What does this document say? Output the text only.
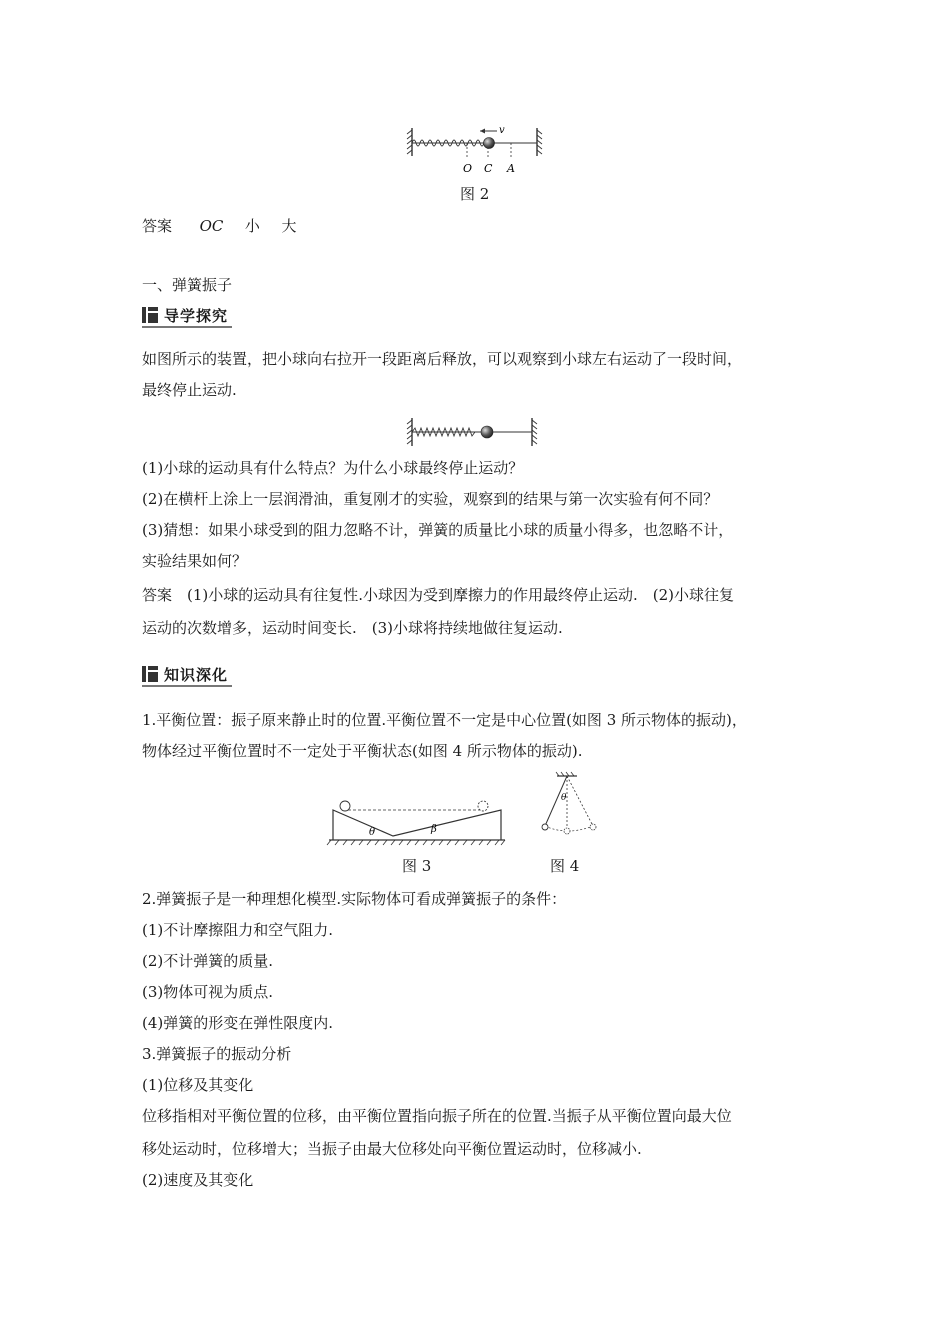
v
O C A
图 2
答案 OC 小 大
一、弹簧振子
导学探究
如图所示的装置，把小球向右拉开一段距离后释放，可以观察到小球左右运动了一段时间，
最终停止运动.
(1)小球的运动具有什么特点？为什么小球最终停止运动？
(2)在横杆上涂上一层润滑油，重复刚才的实验，观察到的结果与第一次实验有何不同？
(3)猜想：如果小球受到的阻力忽略不计，弹簧的质量比小球的质量小得多，也忽略不计，
实验结果如何？
答案　(1)小球的运动具有往复性.小球因为受到摩擦力的作用最终停止运动.　(2)小球往复
运动的次数增多，运动时间变长.　(3)小球将持续地做往复运动.
知识深化
1.平衡位置：振子原来静止时的位置.平衡位置不一定是中心位置(如图 3 所示物体的振动)，
物体经过平衡位置时不一定处于平衡状态(如图 4 所示物体的振动).
θ	β
θ
图 3	图 4
2.弹簧振子是一种理想化模型.实际物体可看成弹簧振子的条件：
(1)不计摩擦阻力和空气阻力.
(2)不计弹簧的质量.
(3)物体可视为质点.
(4)弹簧的形变在弹性限度内.
3.弹簧振子的振动分析
(1)位移及其变化
位移指相对平衡位置的位移，由平衡位置指向振子所在的位置.当振子从平衡位置向最大位
移处运动时，位移增大；当振子由最大位移处向平衡位置运动时，位移减小.
(2)速度及其变化
